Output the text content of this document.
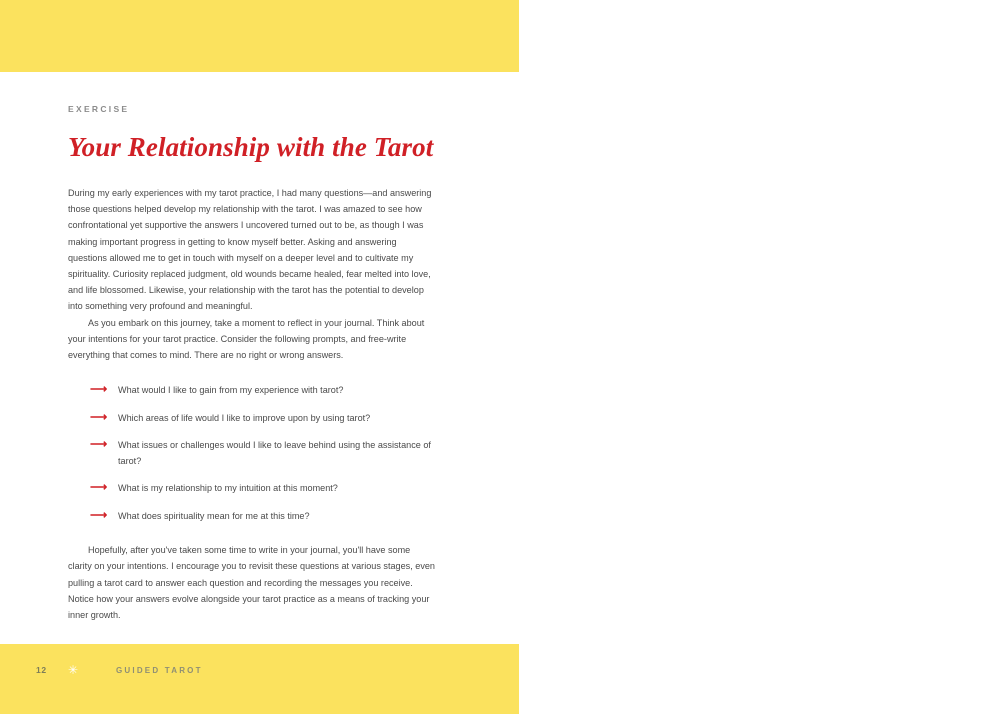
EXERCISE
Your Relationship with the Tarot

During my early experiences with my tarot practice, I had many questions—and answering those questions helped develop my relationship with the tarot. I was amazed to see how confrontational yet supportive the answers I uncovered turned out to be, as though I was making important progress in getting to know myself better. Asking and answering questions allowed me to get in touch with myself on a deeper level and to cultivate my spirituality. Curiosity replaced judgment, old wounds became healed, fear melted into love, and life blossomed. Likewise, your relationship with the tarot has the potential to develop into something very profound and meaningful.

As you embark on this journey, take a moment to reflect in your journal. Think about your intentions for your tarot practice. Consider the following prompts, and free-write everything that comes to mind. There are no right or wrong answers.

⟶ What would I like to gain from my experience with tarot?
⟶ Which areas of life would I like to improve upon by using tarot?
⟶ What issues or challenges would I like to leave behind using the assistance of tarot?
⟶ What is my relationship to my intuition at this moment?
⟶ What does spirituality mean for me at this time?

Hopefully, after you've taken some time to write in your journal, you'll have some clarity on your intentions. I encourage you to revisit these questions at various stages, even pulling a tarot card to answer each question and recording the messages you receive. Notice how your answers evolve alongside your tarot practice as a means of tracking your inner growth.

12	✳	GUIDED TAROT
